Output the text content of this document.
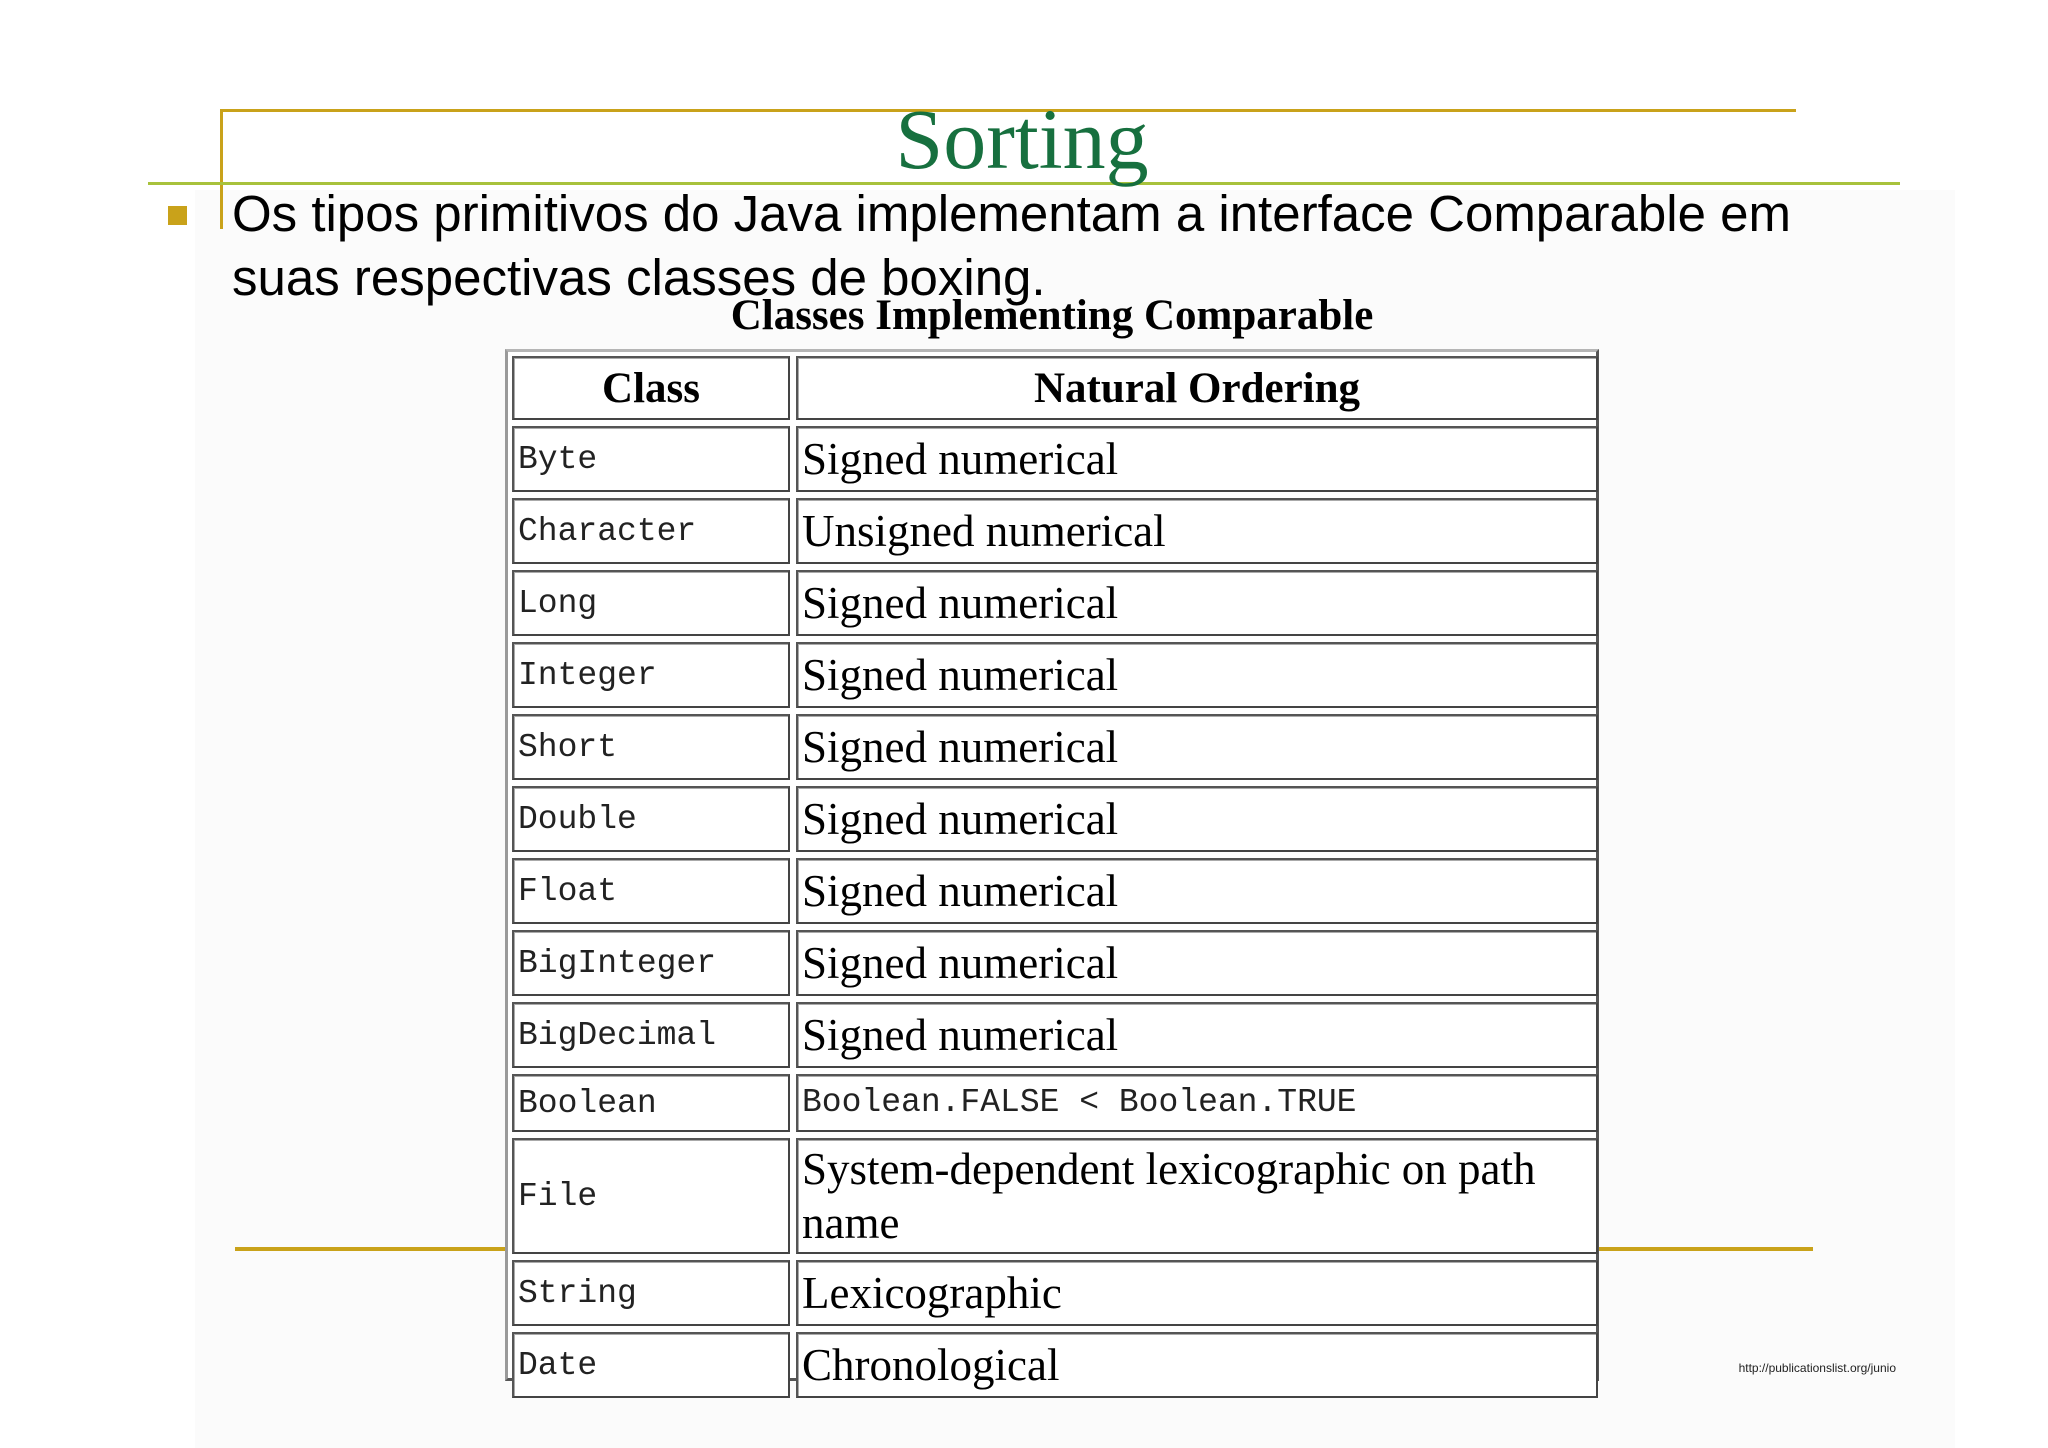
Sorting
Os tipos primitivos do Java implementam a interface Comparable em suas respectivas classes de boxing.
Classes Implementing Comparable
Class	Natural Ordering
Byte	Signed numerical
Character	Unsigned numerical
Long	Signed numerical
Integer	Signed numerical
Short	Signed numerical
Double	Signed numerical
Float	Signed numerical
BigInteger	Signed numerical
BigDecimal	Signed numerical
Boolean	Boolean.FALSE < Boolean.TRUE
File	System-dependent lexicographic on path name
String	Lexicographic
Date	Chronological	http://publicationslist.org/junio
